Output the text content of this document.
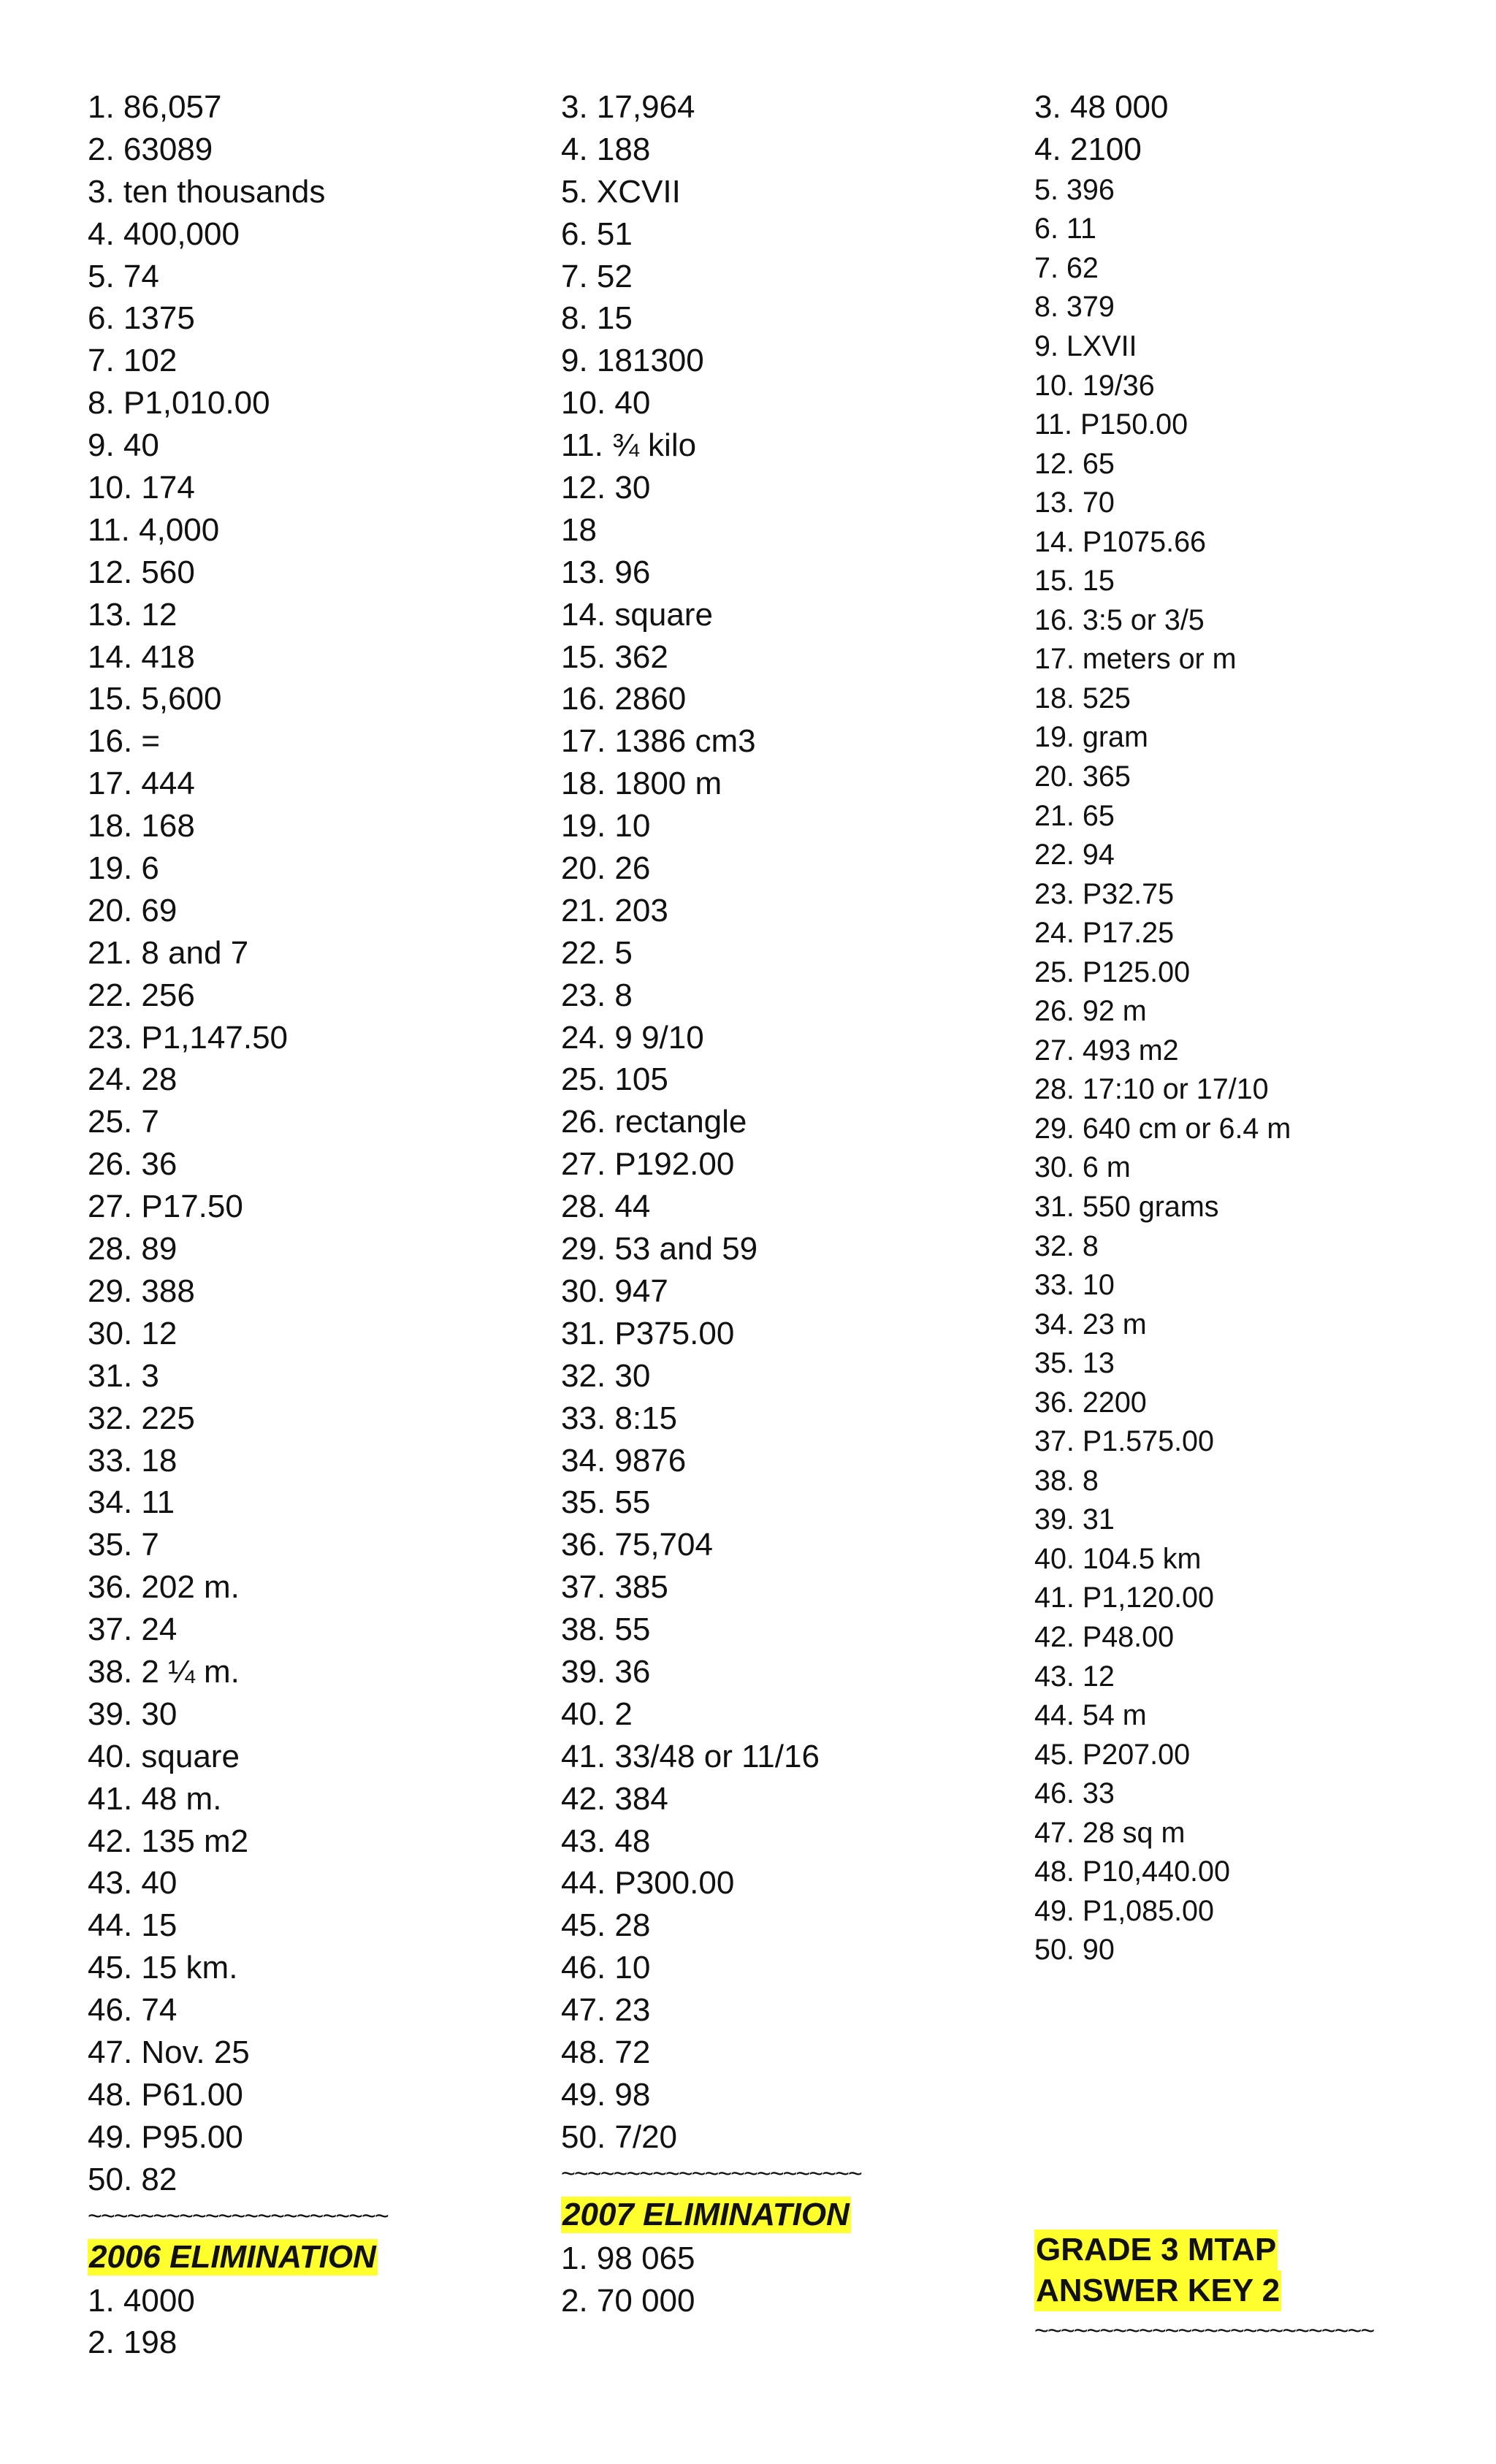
1. 86,057
2. 63089
3. ten thousands
4. 400,000
5. 74
6. 1375
7. 102
8. P1,010.00
9. 40
10. 174
11. 4,000
12. 560
13. 12
14. 418
15. 5,600
16. =
17. 444
18. 168
19. 6
20. 69
21. 8 and 7
22. 256
23. P1,147.50
24. 28
25. 7
26. 36
27. P17.50
28. 89
29. 388
30. 12
31. 3
32. 225
33. 18
34. 11
35. 7
36. 202 m.
37. 24
38. 2 ¼ m.
39. 30
40. square
41. 48 m.
42. 135 m2
43. 40
44. 15
45. 15 km.
46. 74
47. Nov. 25
48. P61.00
49. P95.00
50. 82
~~~~~~~~~~~~~~~~~~~~~~~
2006 ELIMINATION
1. 4000
2. 198
3. 17,964
4. 188
5. XCVII
6. 51
7. 52
8. 15
9. 181300
10. 40
11. ¾ kilo
12. 30
18
13. 96
14. square
15. 362
16. 2860
17. 1386 cm3
18. 1800 m
19. 10
20. 26
21. 203
22. 5
23. 8
24. 9 9/10
25. 105
26. rectangle
27. P192.00
28. 44
29. 53 and 59
30. 947
31. P375.00
32. 30
33. 8:15
34. 9876
35. 55
36. 75,704
37. 385
38. 55
39. 36
40. 2
41. 33/48 or 11/16
42. 384
43. 48
44. P300.00
45. 28
46. 10
47. 23
48. 72
49. 98
50. 7/20
~~~~~~~~~~~~~~~~~~~~~~~
2007 ELIMINATION
1. 98 065
2. 70 000
3. 48 000
4. 2100
5. 396
6. 11
7. 62
8. 379
9. LXVII
10. 19/36
11. P150.00
12. 65
13. 70
14. P1075.66
15. 15
16. 3:5 or 3/5
17. meters or m
18. 525
19. gram
20. 365
21. 65
22. 94
23. P32.75
24. P17.25
25. P125.00
26. 92 m
27. 493 m2
28. 17:10 or 17/10
29. 640 cm or 6.4 m
30. 6 m
31. 550 grams
32. 8
33. 10
34. 23 m
35. 13
36. 2200
37. P1.575.00
38. 8
39. 31
40. 104.5 km
41. P1,120.00
42. P48.00
43. 12
44. 54 m
45. P207.00
46. 33
47. 28 sq m
48. P10,440.00
49. P1,085.00
50. 90
GRADE 3 MTAP
ANSWER KEY 2
~~~~~~~~~~~~~~~~~~~~~~~~~~
